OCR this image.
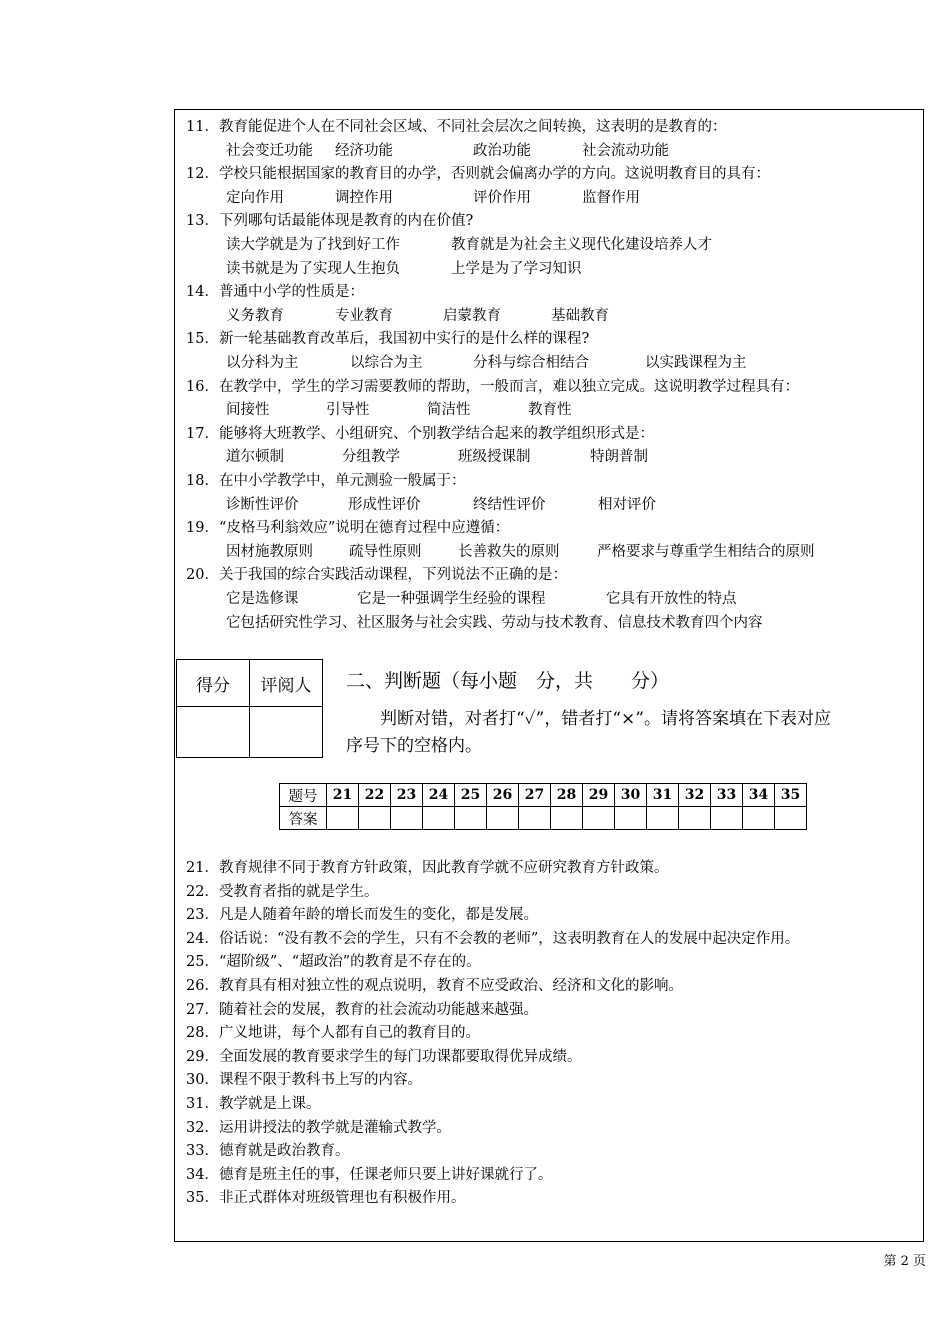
11．教育能促进个人在不同社会区域、不同社会层次之间转换，这表明的是教育的：
社会变迁功能 经济功能	政治功能	社会流动功能
12．学校只能根据国家的教育目的办学，否则就会偏离办学的方向。这说明教育目的具有：
定向作用	调控作用	评价作用	监督作用
13．下列哪句话最能体现是教育的内在价值?
读大学就是为了找到好工作	教育就是为社会主义现代化建设培养人才
读书就是为了实现人生抱负	上学是为了学习知识
14．普通中小学的性质是：
义务教育	专业教育	启蒙教育	基础教育
15．新一轮基础教育改革后，我国初中实行的是什么样的课程?
以分科为主	以综合为主	分科与综合相结合	以实践课程为主
16．在教学中，学生的学习需要教师的帮助，一般而言，难以独立完成。这说明教学过程具有：
间接性	引导性	简洁性	教育性
17．能够将大班教学、小组研究、个别教学结合起来的教学组织形式是：
道尔顿制	分组教学	班级授课制	特朗普制
18．在中小学教学中，单元测验一般属于：
诊断性评价	形成性评价	终结性评价	相对评价
19．“皮格马利翁效应”说明在德育过程中应遵循：
因材施教原则 疏导性原则	长善救失的原则	严格要求与尊重学生相结合的原则
20．关于我国的综合实践活动课程，下列说法不正确的是：
它是选修课	它是一种强调学生经验的课程	它具有开放性的特点
它包括研究性学习、社区服务与社会实践、劳动与技术教育、信息技术教育四个内容
得分	评阅人
	二、判断题（每小题　分，共　　分）
判断对错，对者打“✓”，错者打“×”。请将答案填在下表对应序号下的空格内。
题号	21	22	23	24	25	26	27	28	29	30	31	32	33	34	35
答案															
21．教育规律不同于教育方针政策，因此教育学就不应研究教育方针政策。
22．受教育者指的就是学生。
23．凡是人随着年龄的增长而发生的变化，都是发展。
24．俗话说：“没有教不会的学生，只有不会教的老师”，这表明教育在人的发展中起决定作用。
25．“超阶级”、“超政治”的教育是不存在的。
26．教育具有相对独立性的观点说明，教育不应受政治、经济和文化的影响。
27．随着社会的发展，教育的社会流动功能越来越强。
28．广义地讲，每个人都有自己的教育目的。
29．全面发展的教育要求学生的每门功课都要取得优异成绩。
30．课程不限于教科书上写的内容。
31．教学就是上课。
32．运用讲授法的教学就是灌输式教学。
33．德育就是政治教育。
34．德育是班主任的事，任课老师只要上讲好课就行了。
35．非正式群体对班级管理也有积极作用。
第 2 页
